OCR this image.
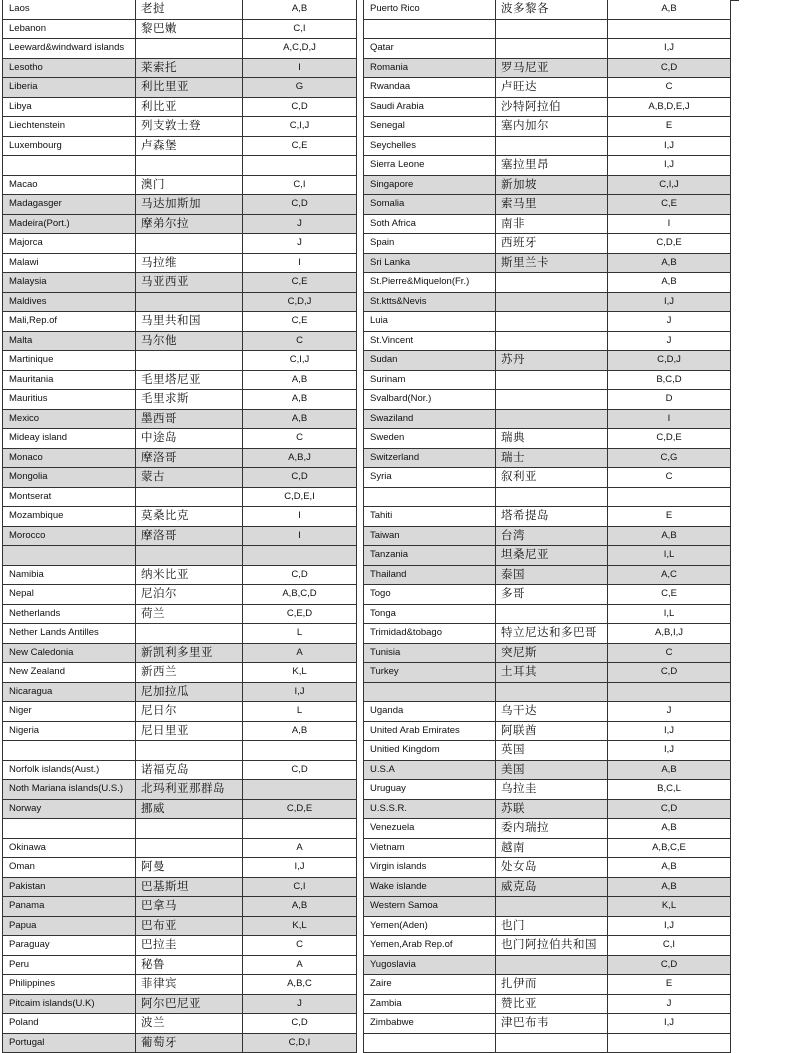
Laos	老挝	A,B
Lebanon	黎巴嫩	C,I
Leeward&windward islands		A,C,D,J
Lesotho	莱索托	I
Liberia	利比里亚	G
Libya	利比亚	C,D
Liechtenstein	列支敦士登	C,I,J
Luxembourg	卢森堡	C,E

Macao	澳门	C,I
Madagasger	马达加斯加	C,D
Madeira(Port.)	摩弟尔拉	J
Majorca		J
Malawi	马拉维	I
Malaysia	马亚西亚	C,E
Maldives		C,D,J
Mali,Rep.of	马里共和国	C,E
Malta	马尔他	C
Martinique		C,I,J
Mauritania	毛里塔尼亚	A,B
Mauritius	毛里求斯	A,B
Mexico	墨西哥	A,B
Mideay island	中途岛	C
Monaco	摩洛哥	A,B,J
Mongolia	蒙古	C,D
Montserat		C,D,E,I
Mozambique	莫桑比克	I
Morocco	摩洛哥	I

Namibia	纳米比亚	C,D
Nepal	尼泊尔	A,B,C,D
Netherlands	荷兰	C,E,D
Nether Lands Antilles		L
New Caledonia	新凯利多里亚	A
New Zealand	新西兰	K,L
Nicaragua	尼加拉瓜	I,J
Niger	尼日尔	L
Nigeria	尼日里亚	A,B

Norfolk islands(Aust.)	诺福克岛	C,D
Noth Mariana islands(U.S.)	北玛利亚那群岛	
Norway	挪威	C,D,E

Okinawa		A
Oman	阿曼	I,J
Pakistan	巴基斯坦	C,I
Panama	巴拿马	A,B
Papua	巴布亚	K,L
Paraguay	巴拉圭	C
Peru	秘鲁	A
Philippines	菲律宾	A,B,C
Pitcaim islands(U.K)	阿尔巴尼亚	J
Poland	波兰	C,D
Portugal	葡萄牙	C,D,I
Puerto Rico	波多黎各	A,B

Qatar		I,J
Romania	罗马尼亚	C,D
Rwandaa	卢旺达	C
Saudi Arabia	沙特阿拉伯	A,B,D,E,J
Senegal	塞内加尔	E
Seychelles		I,J
Sierra Leone	塞拉里昂	I,J
Singapore	新加坡	C,I,J
Somalia	索马里	C,E
Soth Africa	南非	I
Spain	西班牙	C,D,E
Sri Lanka	斯里兰卡	A,B
St.Pierre&Miquelon(Fr.)		A,B
St.ktts&Nevis		I,J
Luia		J
St.Vincent		J
Sudan	苏丹	C,D,J
Surinam		B,C,D
Svalbard(Nor.)		D
Swaziland		I
Sweden	瑞典	C,D,E
Switzerland	瑞士	C,G
Syria	叙利亚	C

Tahiti	塔希提岛	E
Taiwan	台湾	A,B
Tanzania	坦桑尼亚	I,L
Thailand	泰国	A,C
Togo	多哥	C,E
Tonga		I,L
Trimidad&tobago	特立尼达和多巴哥	A,B,I,J
Tunisia	突尼斯	C
Turkey	土耳其	C,D

Uganda	乌干达	J
United Arab Emirates	阿联酋	I,J
Unitied Kingdom	英国	I,J
U.S.A	美国	A,B
Uruguay	乌拉圭	B,C,L
U.S.S.R.	苏联	C,D
Venezuela	委内瑞拉	A,B
Vietnam	越南	A,B,C,E
Virgin islands	处女岛	A,B
Wake islande	威克岛	A,B
Western Samoa		K,L
Yemen(Aden)	也门	I,J
Yemen,Arab Rep.of	也门阿拉伯共和国	C,I
Yugoslavia		C,D
Zaire	扎伊而	E
Zambia	赞比亚	J
Zimbabwe	津巴布韦	I,J
